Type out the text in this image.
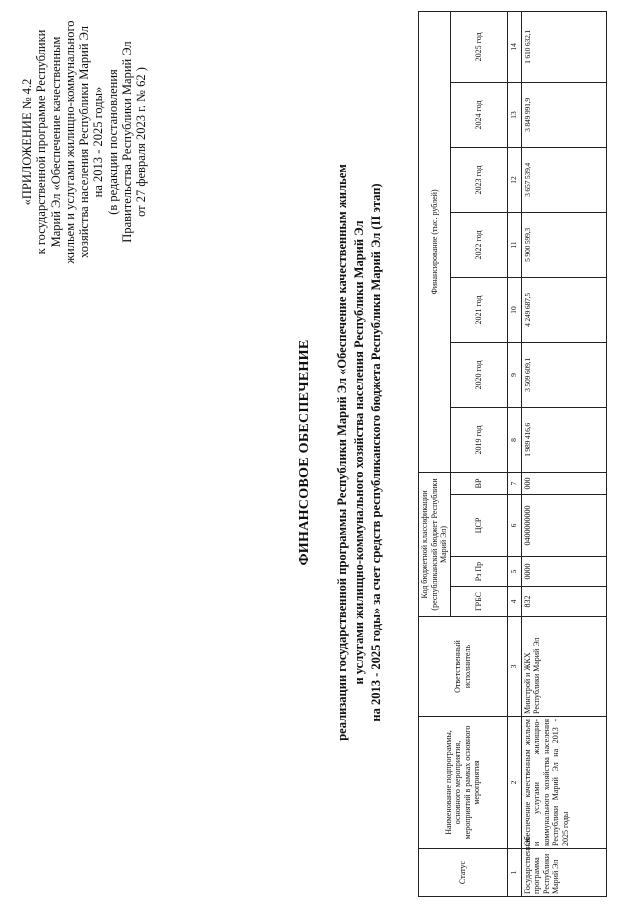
«ПРИЛОЖЕНИЕ № 4.2 к государственной программе Республики Марий Эл «Обеспечение качественным жильем и услугами жилищно-коммунального хозяйства населения Республики Марий Эл на 2013 - 2025 годы» (в редакции постановления Правительства Республики Марий Эл от 27 февраля 2023 г. № 62 )
ФИНАНСОВОЕ ОБЕСПЕЧЕНИЕ реализации государственной программы Республики Марий Эл «Обеспечение качественным жильем и услугами жилищно-коммунального хозяйства населения Республики Марий Эл на 2013 - 2025 годы» за счет средств республиканского бюджета Республики Марий Эл (II этап)
Статус	Наименование подпрограммы, основного мероприятия, мероприятий в рамках основного мероприятия	Ответственный исполнитель	Код бюджетной классификации (республиканский бюджет Республики Марий Эл)				Финансирование (тыс. рублей)						
			ГРБС	Рз Пр	ЦСР	ВР	2019 год	2020 год	2021 год	2022 год	2023 год	2024 год	2025 год
1	2	3	4	5	6	7	8	9	10	11	12	13	14
Государственная программа Республики Марий Эл	Обеспечение качественным жильем и услугами жилищно-коммунального хозяйства населения Республики Марий Эл на 2013 - 2025 годы	Минстрой и ЖКХ Республики Марий Эл	832	0000	0400000000	000	1 989 416,6	3 509 609,1	4 249 687,5	5 900 599,3	3 657 539,4	3 849 991,9	1 610 632,1
